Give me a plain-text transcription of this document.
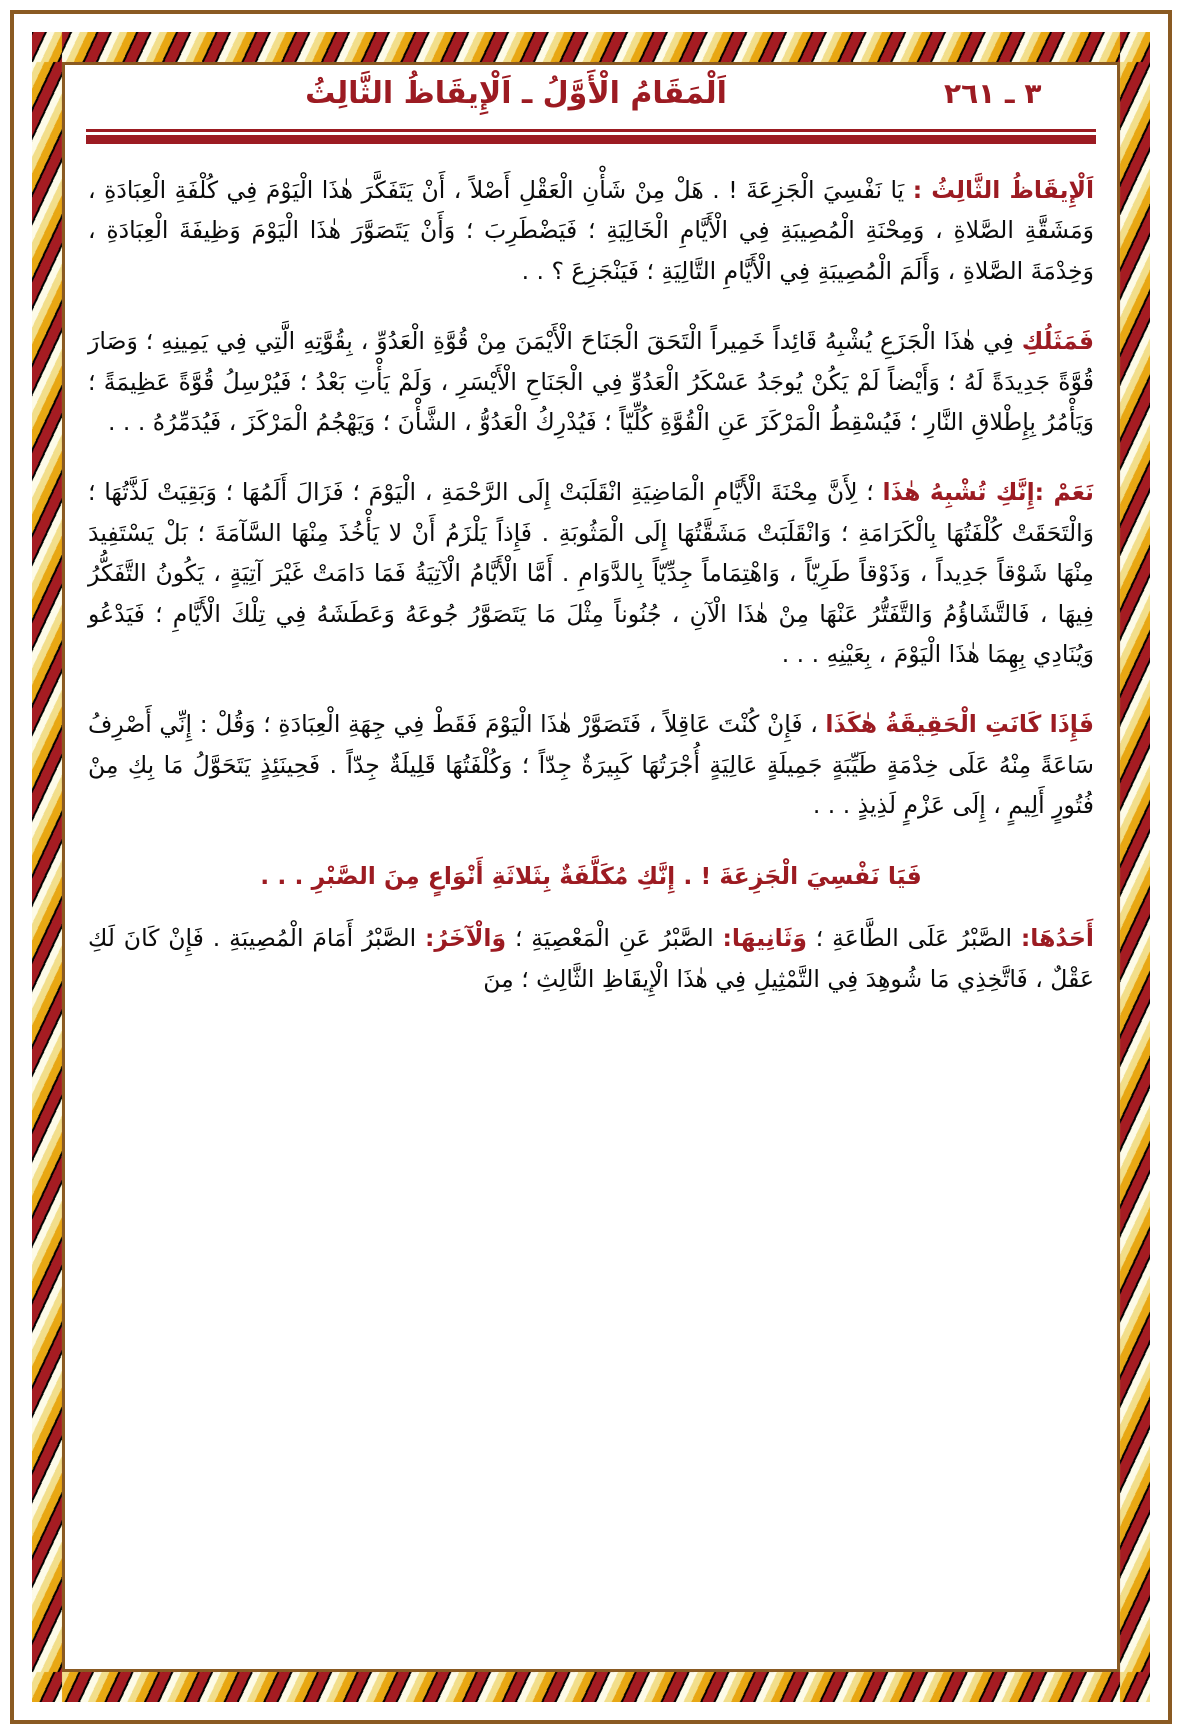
اَلْمَقَامُ الْأَوَّلُ ـ اَلْإِيقَاظُ الثَّالِثُ	٣ ـ ٢٦١

اَلْإِيقَاظُ الثَّالِثُ : يَا نَفْسِيَ الْجَزِعَةَ ! . هَلْ مِنْ شَأْنِ الْعَقْلِ أَصْلاً ، أَنْ يَتَفَكَّرَ هٰذَا الْيَوْمَ فِي كُلْفَةِ الْعِبَادَةِ ، وَمَشَقَّةِ الصَّلاةِ ، وَمِحْنَةِ الْمُصِيبَةِ فِي الْأَيَّامِ الْخَالِيَةِ ؛ فَيَضْطَرِبَ ؛ وَأَنْ يَتَصَوَّرَ هٰذَا الْيَوْمَ وَظِيفَةَ الْعِبَادَةِ ، وَخِدْمَةَ الصَّلاةِ ، وَأَلَمَ الْمُصِيبَةِ فِي الْأَيَّامِ التَّالِيَةِ ؛ فَيَنْجَزِعَ ؟ . .

فَمَثَلُكِ فِي هٰذَا الْجَزَعِ يُشْبِهُ قَائِداً خَمِيراً الْتَحَقَ الْجَنَاحَ الْأَيْمَنَ مِنْ قُوَّةِ الْعَدُوِّ ، بِقُوَّتِهِ الَّتِي فِي يَمِينِهِ ؛ وَصَارَ قُوَّةً جَدِيدَةً لَهُ ؛ وَأَيْضاً لَمْ يَكُنْ يُوجَدُ عَسْكَرُ الْعَدُوِّ فِي الْجَنَاحِ الْأَيْسَرِ ، وَلَمْ يَأْتِ بَعْدُ ؛ فَيُرْسِلُ قُوَّةً عَظِيمَةً ؛ وَيَأْمُرُ بِإِطْلاقِ النَّارِ ؛ فَيُسْقِطُ الْمَرْكَزَ عَنِ الْقُوَّةِ كُلِّيّاً ؛ فَيُدْرِكُ الْعَدُوُّ ، الشَّأْنَ ؛ وَيَهْجُمُ الْمَرْكَزَ ، فَيُدَمِّرُهُ . . .

نَعَمْ :إِنَّكِ تُشْبِهُ هٰذَا ؛ لِأَنَّ مِحْنَةَ الْأَيَّامِ الْمَاضِيَةِ انْقَلَبَتْ إِلَى الرَّحْمَةِ ، الْيَوْمَ ؛ فَزَالَ أَلَمُهَا ؛ وَبَقِيَتْ لَذَّتُهَا ؛ وَالْتَحَقَتْ كُلْفَتُهَا بِالْكَرَامَةِ ؛ وَانْقَلَبَتْ مَشَقَّتُهَا إِلَى الْمَثُوبَةِ . فَإِذاً يَلْزَمُ أَنْ لا يَأْخُذَ مِنْهَا السَّآمَةَ ؛ بَلْ يَسْتَفِيدَ مِنْهَا شَوْقاً جَدِيداً ، وَذَوْقاً طَرِيّاً ، وَاهْتِمَاماً جِدِّيّاً بِالدَّوَامِ . أَمَّا الْأَيَّامُ الْآتِيَةُ فَمَا دَامَتْ غَيْرَ آتِيَةٍ ، يَكُونُ التَّفَكُّرُ فِيهَا ، فَالتَّشَاؤُمُ وَالتَّفَتُّرُ عَنْهَا مِنْ هٰذَا الْآنِ ، جُنُوناً مِثْلَ مَا يَتَصَوَّرُ جُوعَهُ وَعَطَشَهُ فِي تِلْكَ الْأَيَّامِ ؛ فَيَدْعُو وَيُنَادِي بِهِمَا هٰذَا الْيَوْمَ ، بِعَيْنِهِ . . .

فَإِذَا كَانَتِ الْحَقِيقَةُ هٰكَذَا ، فَإِنْ كُنْتَ عَاقِلاً ، فَتَصَوَّرْ هٰذَا الْيَوْمَ فَقَطْ فِي جِهَةِ الْعِبَادَةِ ؛ وَقُلْ : إِنِّي أَصْرِفُ سَاعَةً مِنْهُ عَلَى خِدْمَةٍ طَيِّبَةٍ جَمِيلَةٍ عَالِيَةٍ أُجْرَتُهَا كَبِيرَةٌ جِدّاً ؛ وَكُلْفَتُهَا قَلِيلَةٌ جِدّاً . فَحِينَئِذٍ يَتَحَوَّلُ مَا بِكِ مِنْ فُتُورٍ أَلِيمٍ ، إِلَى عَزْمٍ لَذِيذٍ . . .

فَيَا نَفْسِيَ الْجَزِعَةَ ! . إِنَّكِ مُكَلَّفَةٌ بِثَلاثَةِ أَنْوَاعٍ مِنَ الصَّبْرِ . . .

أَحَدُهَا: الصَّبْرُ عَلَى الطَّاعَةِ ؛ وَثَانِيهَا: الصَّبْرُ عَنِ الْمَعْصِيَةِ ؛ وَالْآخَرُ: الصَّبْرُ أَمَامَ الْمُصِيبَةِ . فَإِنْ كَانَ لَكِ عَقْلٌ ، فَاتَّخِذِي مَا شُوهِدَ فِي التَّمْثِيلِ فِي هٰذَا الْإِيقَاظِ الثَّالِثِ ؛ مِنَ
